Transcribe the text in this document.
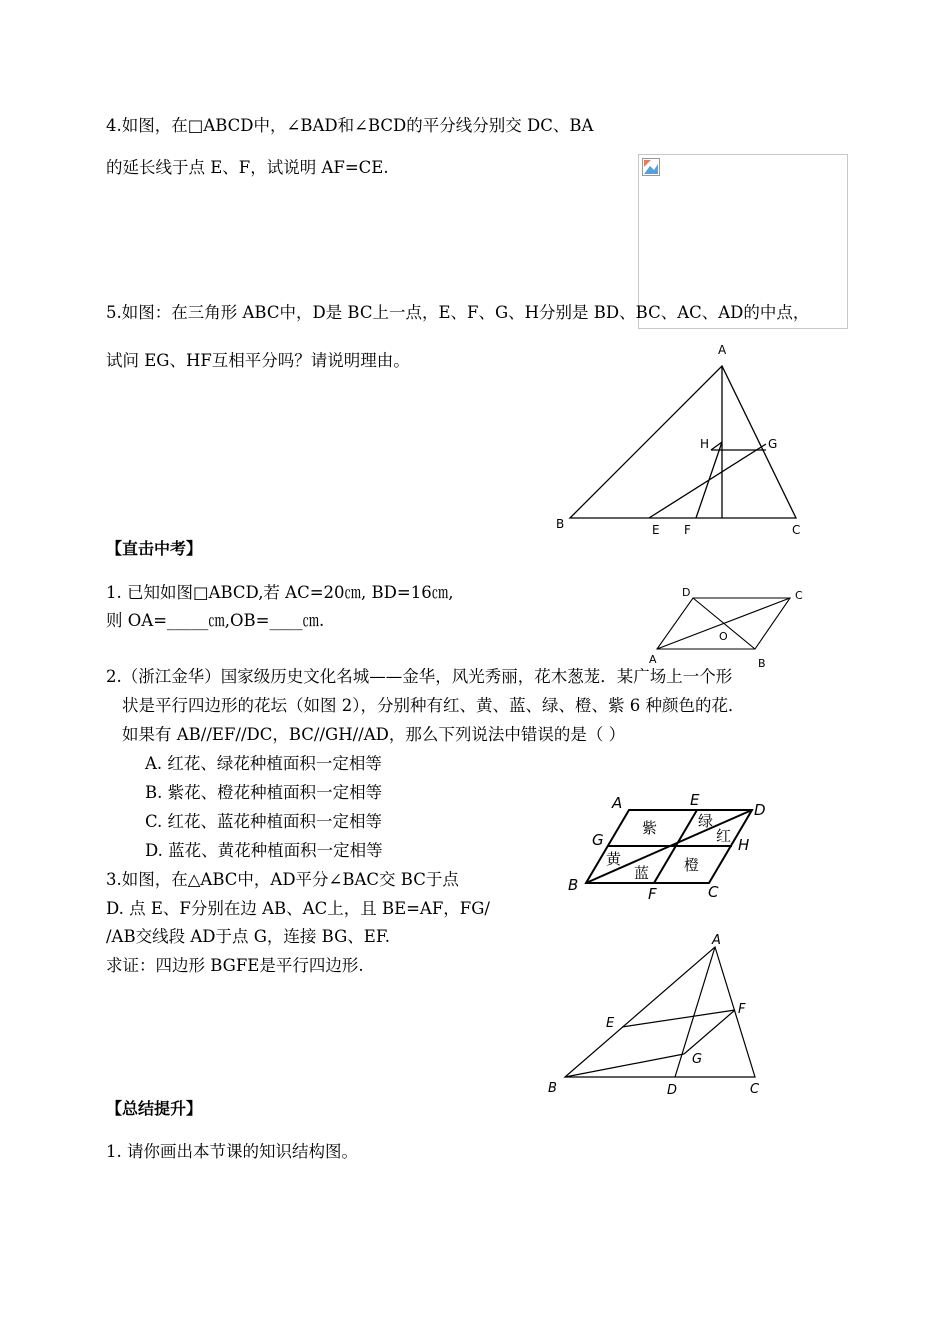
4.如图，在□ABCD中，∠BAD和∠BCD的平分线分别交 DC、BA
的延长线于点 E、F，试说明 AF=CE.
5.如图：在三角形 ABC中，D是 BC上一点，E、F、G、H分别是 BD、BC、AC、AD的中点，
试问 EG、HF互相平分吗？请说明理由。
A
B	C
E F
G
H
【直击中考】
1. 已知如图□ABCD,若 AC=20㎝, BD=16㎝,
则 OA=_____㎝,OB=____㎝.
A	B
C
D
O
2.（浙江金华）国家级历史文化名城——金华，风光秀丽，花木葱茏．某广场上一个形
状是平行四边形的花坛（如图 2），分别种有红、黄、蓝、绿、橙、紫 6 种颜色的花．
如果有 AB//EF//DC，BC//GH//AD，那么下列说法中错误的是（ ）
A. 红花、绿花种植面积一定相等
B. 紫花、橙花种植面积一定相等
C. 红花、蓝花种植面积一定相等
D. 蓝花、黄花种植面积一定相等
A
B	C
D
E
F
G	H
紫	绿
红
黄
蓝 橙
3.如图，在△ABC中，AD平分∠BAC交 BC于点
D. 点 E、F分别在边 AB、AC上，且 BE=AF，FG/
/AB交线段 AD于点 G，连接 BG、EF.
求证：四边形 BGFE是平行四边形.
A
B	C
D
E
F
G
【总结提升】
1. 请你画出本节课的知识结构图。
